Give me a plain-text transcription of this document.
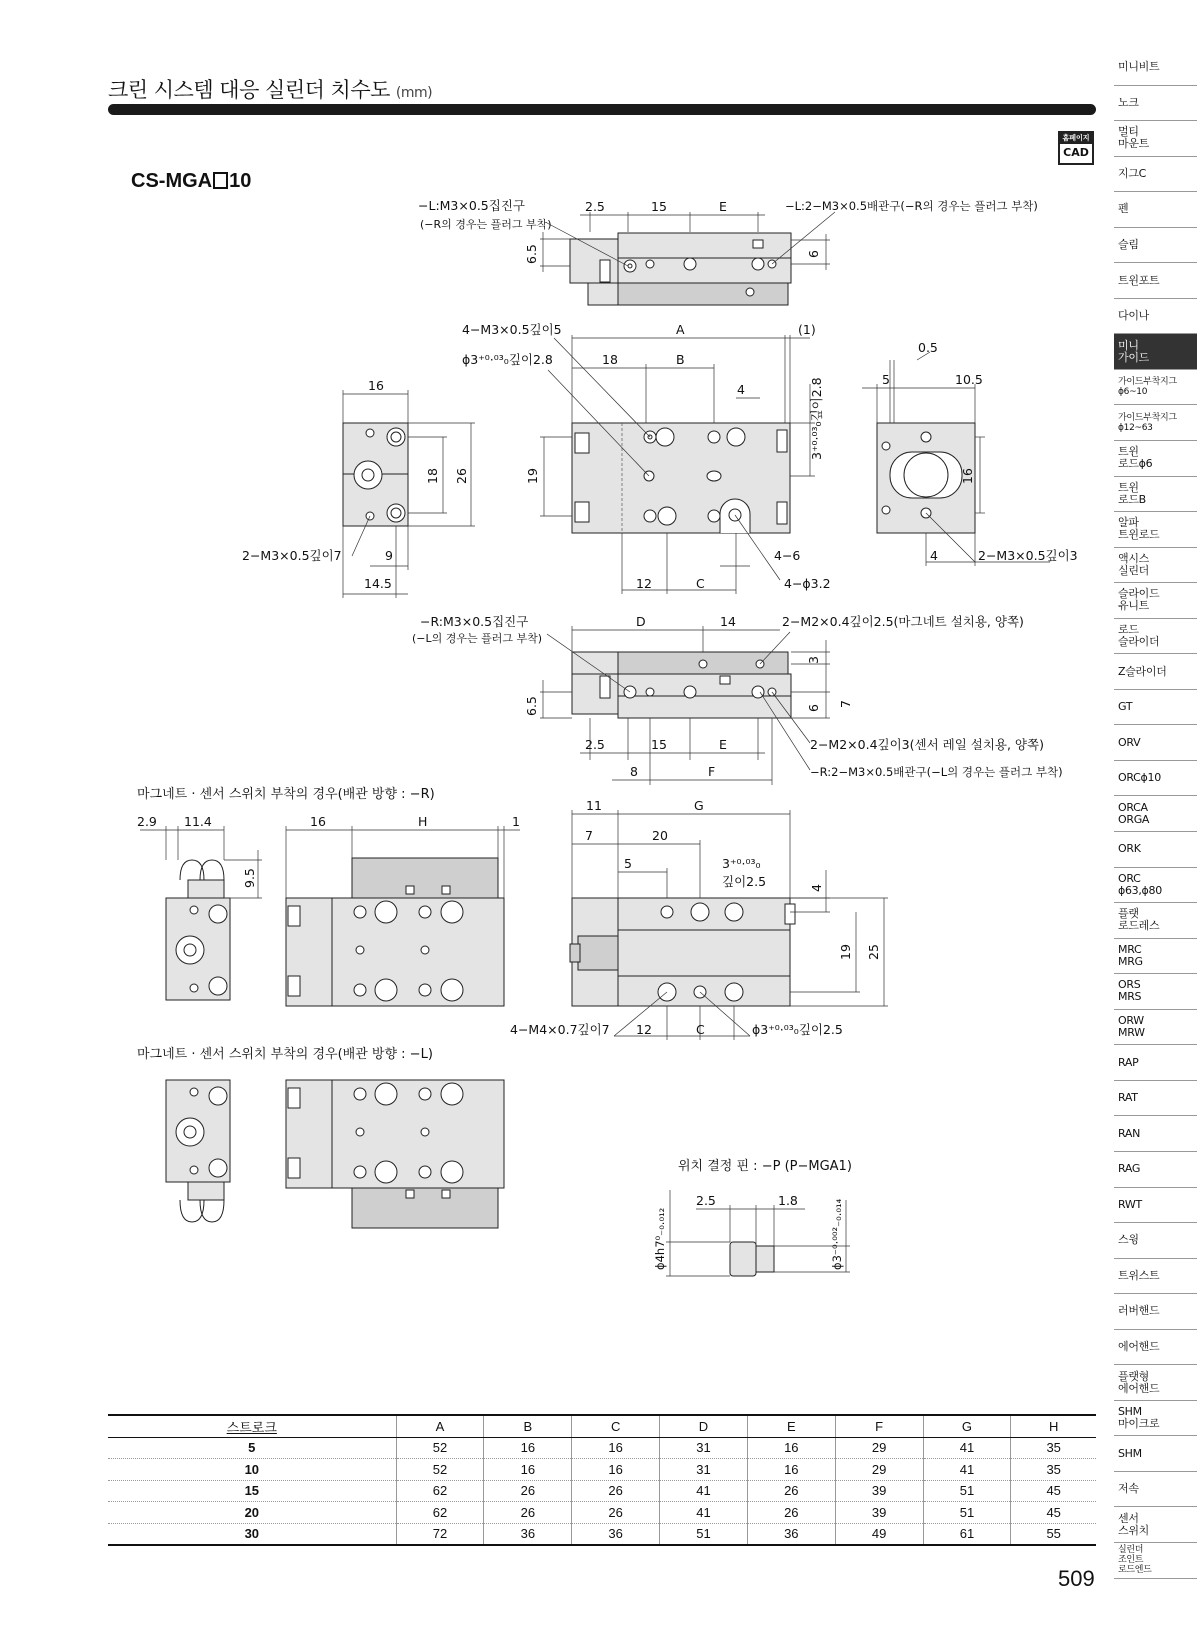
크린 시스템 대응 실린더 치수도 (mm)
홈페이지
CAD
CS-MGA 10
−L:M3×0.5집진구
(−R의 경우는 플러그 부착)
−L:2−M3×0.5배관구(−R의 경우는 플러그 부착)
2.5	15	E
6.5	6
16
18 26
2−M3×0.5깊이7	9
14.5
4−M3×0.5깊이5
ϕ3⁺⁰·⁰³₀깊이2.8
A	(1)
18	B
4
19
3⁺⁰·⁰³₀깊이2.8
12	C
4−6
4−ϕ3.2
0.5
5	10.5
16
4	2−M3×0.5깊이3
−R:M3×0.5집진구
(−L의 경우는 플러그 부착)
D	14	2−M2×0.4깊이2.5(마그네트 설치용, 양쪽)
3
6
7
6.5
2.5	15	E	2−M2×0.4깊이3(센서 레일 설치용, 양쪽)
8	F	−R:2−M3×0.5배관구(−L의 경우는 플러그 부착)
마그네트 · 센서 스위치 부착의 경우(배관 방향 : −R)
2.9 11.4
9.5
16	H	1
11	G
7	20
5	3⁺⁰·⁰³₀
깊이2.5	4
19 25
4−M4×0.7깊이7 12	C	ϕ3⁺⁰·⁰³₀깊이2.5
마그네트 · 센서 스위치 부착의 경우(배관 방향 : −L)
위치 결정 핀 : −P (P−MGA1)
ϕ4h7⁰₋₀.₀₁₂	ϕ3⁻⁰·⁰⁰²₋₀.₀₁₄
2.5	1.8
스트로크	A	B	C	D	E	F	G	H
5	52	16	16	31	16	29	41	35
10	52	16	16	31	16	29	41	35
15	62	26	26	41	26	39	51	45
20	62	26	26	41	26	39	51	45
30	72	36	36	51	36	49	61	55
509
미니비트
노크
멀티
마운트
지그C
펜
슬림
트윈포트
다이나
미니
가이드
가이드부착지그
ϕ6~10
가이드부착지그
ϕ12~63
트윈
로드ϕ6
트윈
로드B
알파
트윈로드
액시스
실린더
슬라이드
유니트
로드
슬라이더
Z슬라이더
GT
ORV
ORCϕ10
ORCA
ORGA
ORK
ORC
ϕ63,ϕ80
플랫
로드레스
MRC
MRG
ORS
MRS
ORW
MRW
RAP
RAT
RAN
RAG
RWT
스윙
트위스트
러버핸드
에어핸드
플랫형
에어핸드
SHM
마이크로
SHM
저속
센서
스위치
실린더
조인트
로드엔드
